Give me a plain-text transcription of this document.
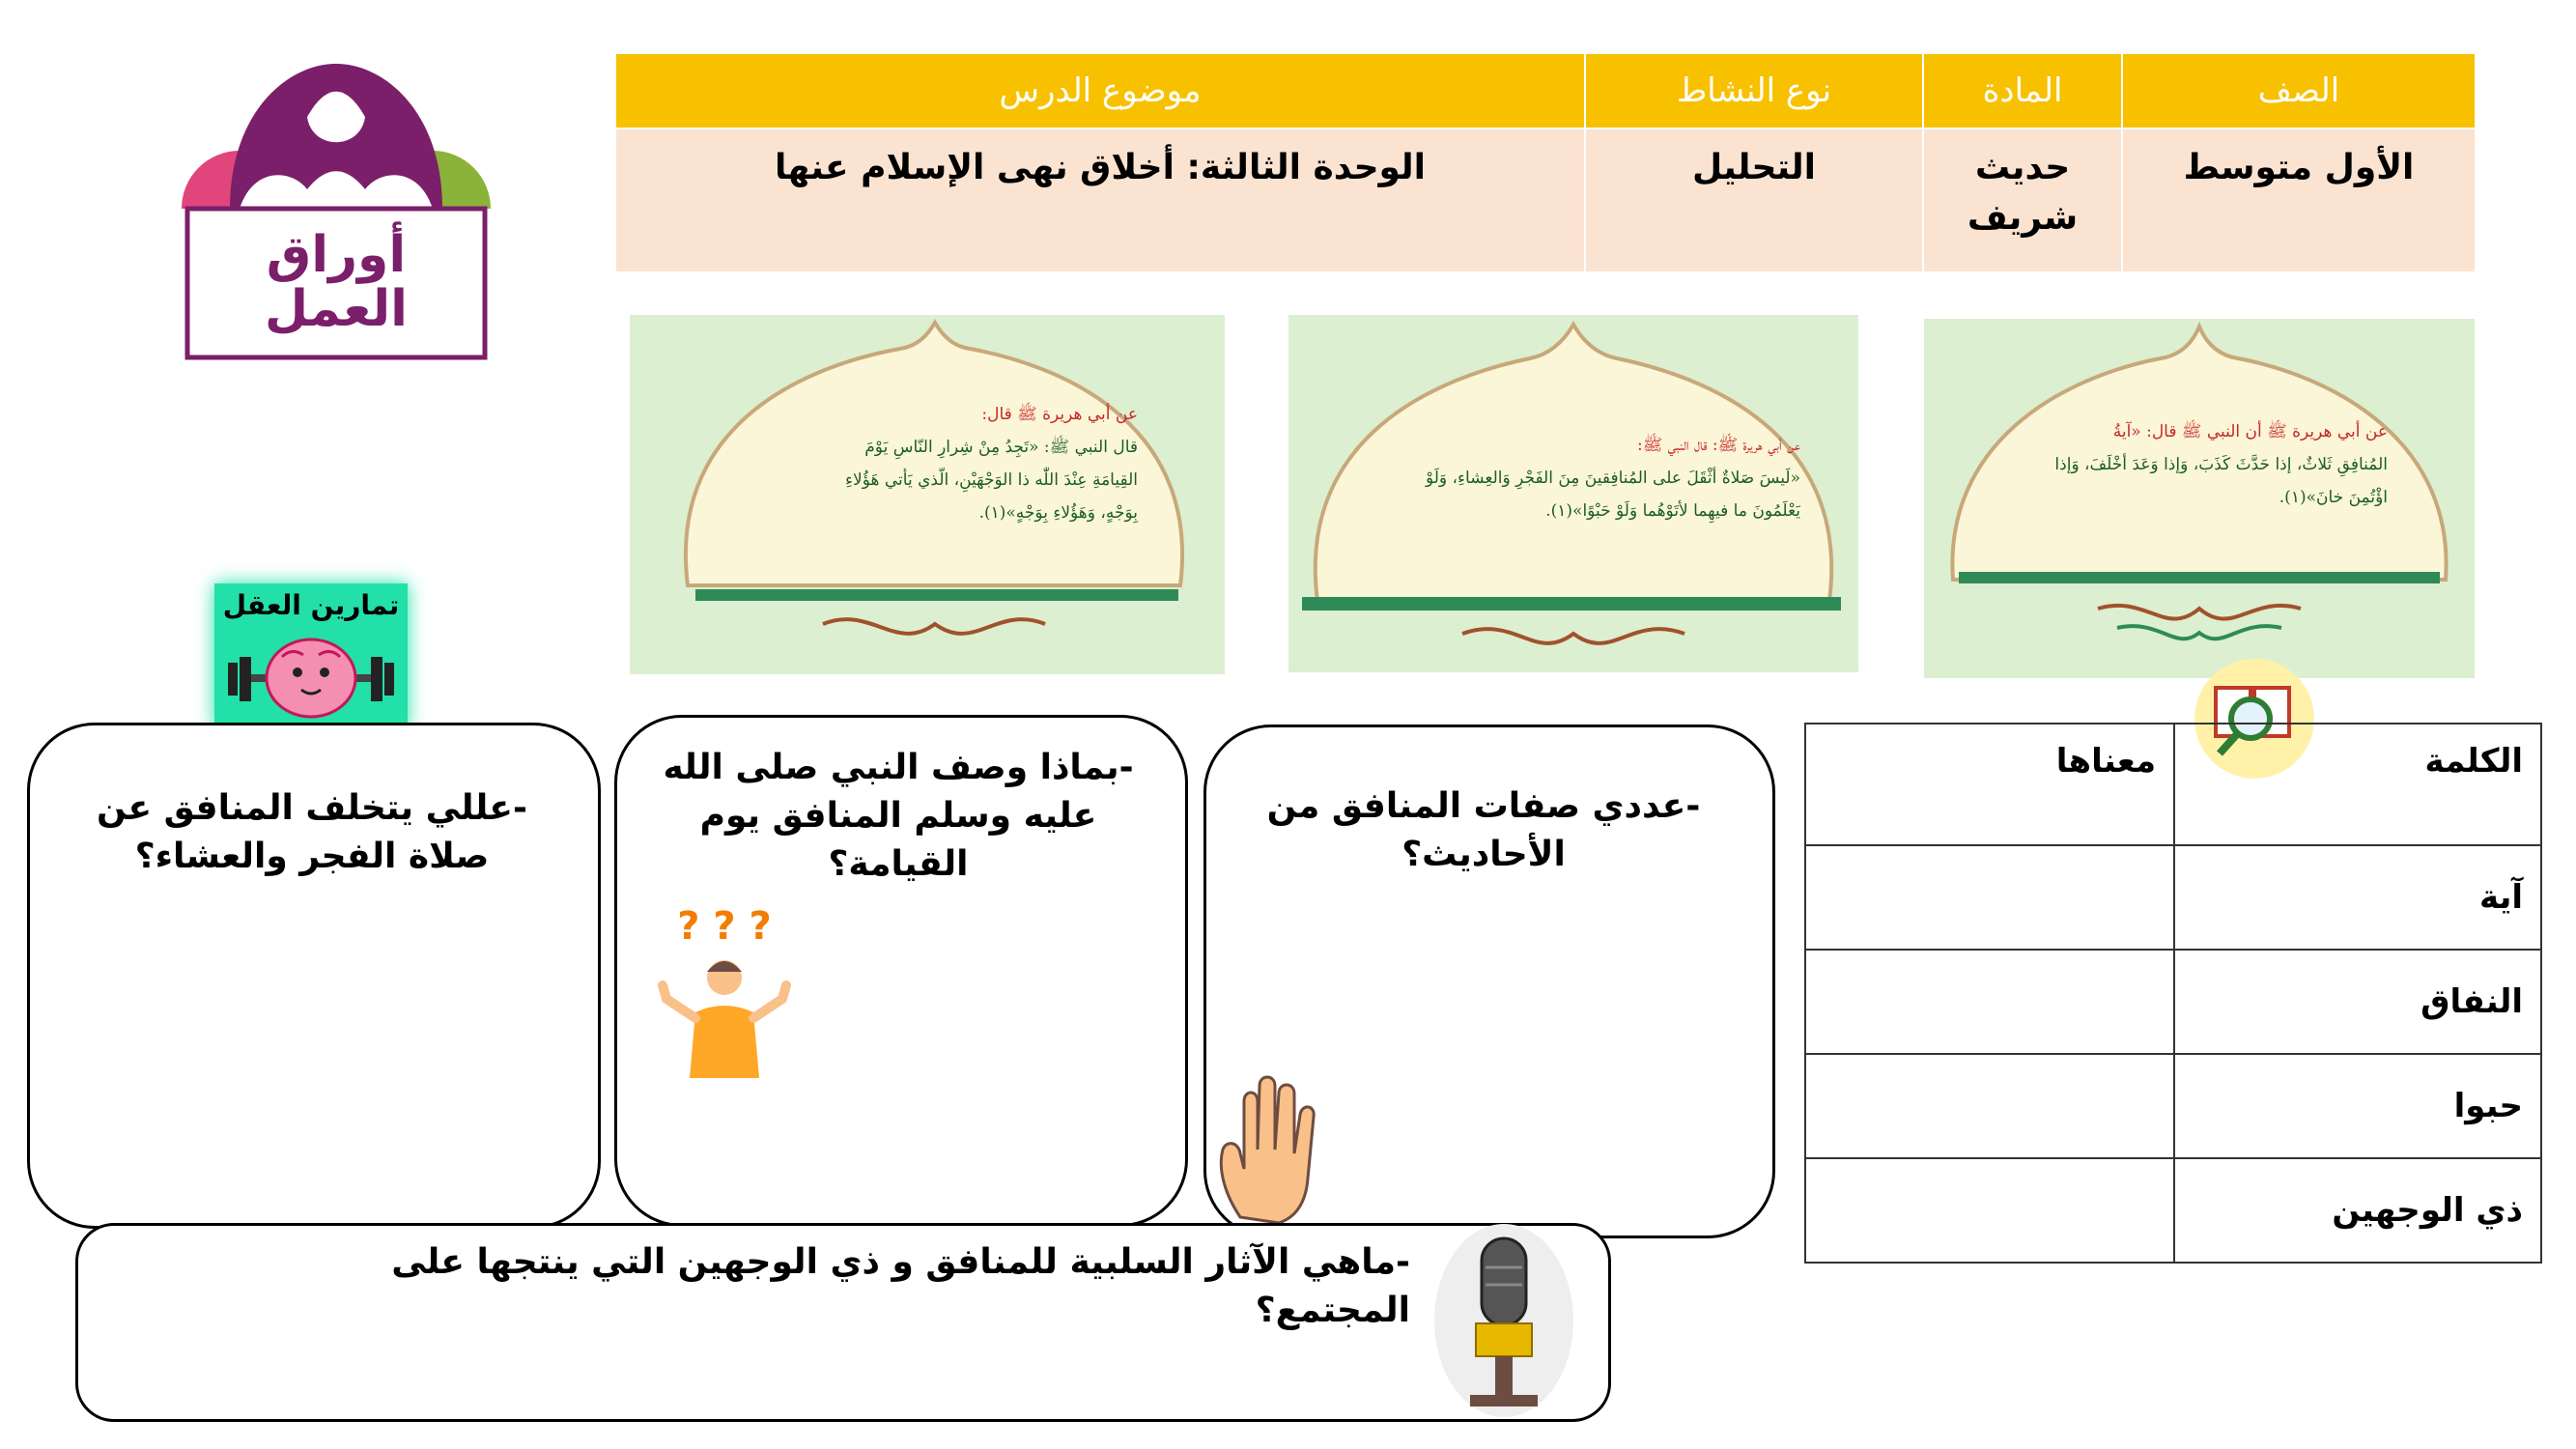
أوراق
العمل
الصف	المادة	نوع النشاط	موضوع الدرس
الأول متوسط	حديث شريف	التحليل	الوحدة الثالثة: أخلاق نهى الإسلام عنها
عن أبي هريرة ﷺ أن النبي ﷺ قال: «آيةُ
المُنافِقِ ثَلاثٌ، إذا حَدَّثَ كَذَبَ، وَإذا وَعَدَ أخْلَفَ، وَإذا
اؤْتُمِنَ خانَ»(١).
عن أبي هريرة ﷺ: قال النبي ﷺ:
«لَيسَ صَلاةٌ أثْقَلَ على المُنافِقينَ مِنَ الفَجْرِ وَالعِشاءِ، وَلَوْ
يَعْلَمُونَ ما فيهِما لأتَوْهُما وَلَوْ حَبْوًا»(١).
عن أبي هريرة ﷺ قال:
قال النبي ﷺ: «تَجِدُ مِنْ شِرارِ النّاسِ يَوْمَ
القِيامَةِ عِنْدَ اللّٰه ذا الوَجْهَيْنِ، الّذي يَأتي هَؤُلاءِ
بِوَجْهٍ، وَهَؤُلاءِ بِوَجْهٍ»(١).
تمارين العقل
الكلمة	معناها
آية	
النفاق	
حبوا	
ذي الوجهين	
-عددي صفات المنافق من الأحاديث؟
-بماذا وصف النبي صلى الله عليه وسلم المنافق يوم القيامة؟
? ? ?
-عللي يتخلف المنافق عن صلاة الفجر والعشاء؟
-ماهي الآثار السلبية للمنافق و ذي الوجهين التي ينتجها على المجتمع؟
